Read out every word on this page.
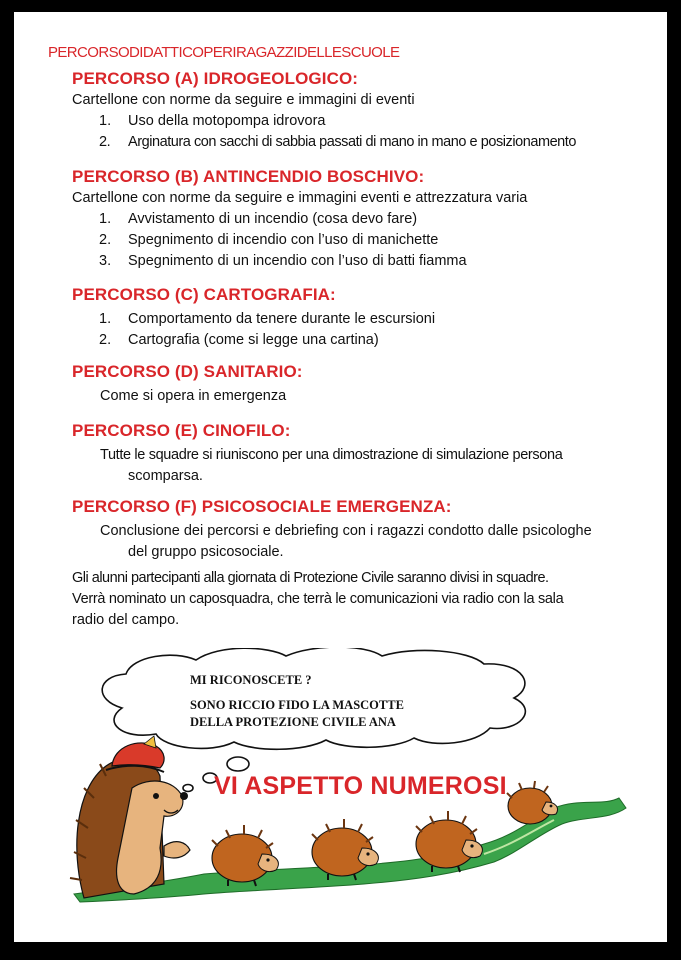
PERCORSODIDATTICOPERIRAGAZZIDELLESCUOLE
PERCORSO (A) IDROGEOLOGICO:

Cartellone con norme da seguire e immagini di eventi

1. Uso della motopompa idrovora
2. Arginatura con sacchi di sabbia passati di mano in mano e posizionamento
PERCORSO (B) ANTINCENDIO BOSCHIVO:

Cartellone con norme da seguire e immagini eventi e attrezzatura varia

1. Avvistamento di un incendio (cosa devo fare)
2. Spegnimento di incendio con l’uso di manichette
3. Spegnimento di un incendio con l’uso di batti fiamma
PERCORSO (C) CARTOGRAFIA:
1. Comportamento da tenere durante le escursioni
2. Cartografia (come si legge una cartina)
PERCORSO (D) SANITARIO:

Come si opera in emergenza

PERCORSO (E) CINOFILO:

Tutte le squadre si riuniscono per una dimostrazione di simulazione persona

scomparsa.

PERCORSO (F) PSICOSOCIALE EMERGENZA:

Conclusione dei percorsi e debriefing con i ragazzi condotto dalle psicologhe

del gruppo psicosociale.

Gli alunni partecipanti alla giornata di Protezione Civile saranno divisi in squadre.

Verrà nominato un caposquadra, che terrà le comunicazioni via radio con la sala

radio del campo.

MI RICONOSCETE ?
SONO RICCIO FIDO LA MASCOTTE
DELLA PROTEZIONE CIVILE ANA
VI ASPETTO NUMEROSI
